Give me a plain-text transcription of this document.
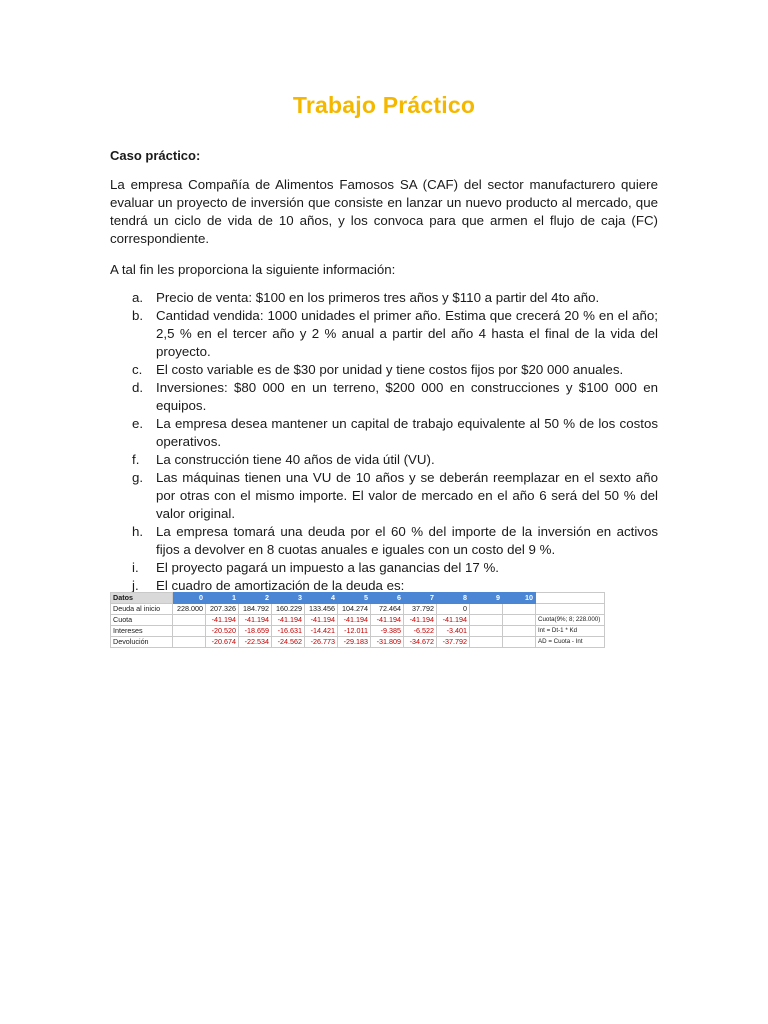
Trabajo Práctico
Caso práctico:
La empresa Compañía de Alimentos Famosos SA (CAF) del sector manufacturero quiere evaluar un proyecto de inversión que consiste en lanzar un nuevo producto al mercado, que tendrá un ciclo de vida de 10 años, y los convoca para que armen el flujo de caja (FC) correspondiente.
A tal fin les proporciona la siguiente información:
a. Precio de venta: $100 en los primeros tres años y $110 a partir del 4to año.
b. Cantidad vendida: 1000 unidades el primer año. Estima que crecerá 20 % en el año; 2,5 % en el tercer año y 2 % anual a partir del año 4 hasta el final de la vida del proyecto.
c. El costo variable es de $30 por unidad y tiene costos fijos por $20 000 anuales.
d. Inversiones: $80 000 en un terreno, $200 000 en construcciones y $100 000 en equipos.
e. La empresa desea mantener un capital de trabajo equivalente al 50 % de los costos operativos.
f. La construcción tiene 40 años de vida útil (VU).
g. Las máquinas tienen una VU de 10 años y se deberán reemplazar en el sexto año por otras con el mismo importe. El valor de mercado en el año 6 será del 50 % del valor original.
h. La empresa tomará una deuda por el 60 % del importe de la inversión en activos fijos a devolver en 8 cuotas anuales e iguales con un costo del 9 %.
i. El proyecto pagará un impuesto a las ganancias del 17 %.
j. El cuadro de amortización de la deuda es:
Datos	0	1	2	3	4	5	6	7	8	9	10	
Deuda al inicio	228.000	207.326	184.792	160.229	133.456	104.274	72.464	37.792	0			
Cuota		-41.194	-41.194	-41.194	-41.194	-41.194	-41.194	-41.194	-41.194			Cuota(9%; 8; 228.000)
Intereses		-20.520	-18.659	-16.631	-14.421	-12.011	-9.385	-6.522	-3.401			Int = Dt-1 * Kd
Devolución		-20.674	-22.534	-24.562	-26.773	-29.183	-31.809	-34.672	-37.792			AD = Cuota - Int
